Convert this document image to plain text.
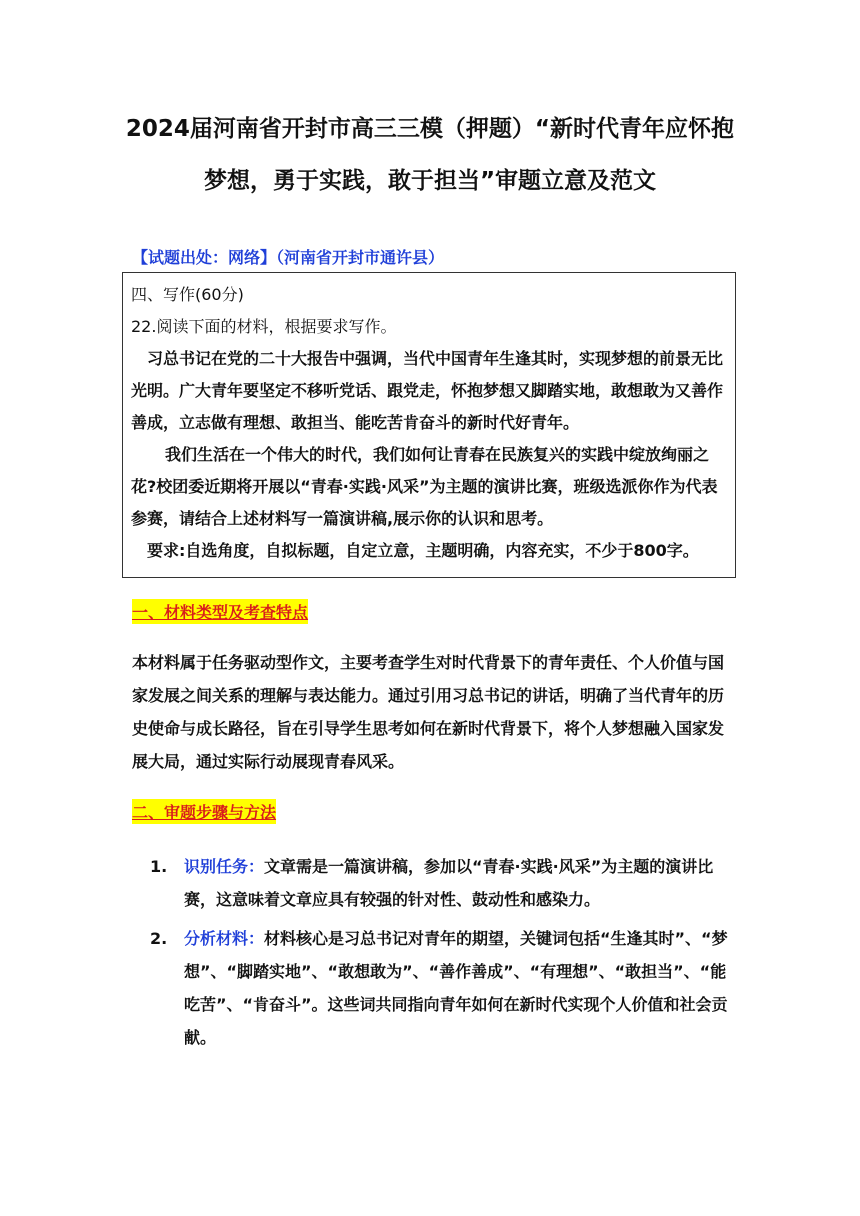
2024届河南省开封市高三三模（押题）“新时代青年应怀抱
梦想，勇于实践，敢于担当”审题立意及范文

【试题出处：网络】（河南省开封市通许县）

四、写作(60分)
22.阅读下面的材料，根据要求写作。
习总书记在党的二十大报告中强调，当代中国青年生逢其时，实现梦想的前景无比光明。广大青年要坚定不移听党话、跟党走，怀抱梦想又脚踏实地，敢想敢为又善作善成，立志做有理想、敢担当、能吃苦肯奋斗的新时代好青年。
我们生活在一个伟大的时代，我们如何让青春在民族复兴的实践中绽放绚丽之花?校团委近期将开展以“青春·实践·风采”为主题的演讲比赛，班级选派你作为代表参赛，请结合上述材料写一篇演讲稿,展示你的认识和思考。
要求:自选角度，自拟标题，自定立意，主题明确，内容充实，不少于800字。
一、材料类型及考查特点

本材料属于任务驱动型作文，主要考查学生对时代背景下的青年责任、个人价值与国家发展之间关系的理解与表达能力。通过引用习总书记的讲话，明确了当代青年的历史使命与成长路径，旨在引导学生思考如何在新时代背景下，将个人梦想融入国家发展大局，通过实际行动展现青春风采。

二、审题步骤与方法
1. 识别任务：文章需是一篇演讲稿，参加以“青春·实践·风采”为主题的演讲比赛，这意味着文章应具有较强的针对性、鼓动性和感染力。
2. 分析材料：材料核心是习总书记对青年的期望，关键词包括“生逢其时”、“梦想”、“脚踏实地”、“敢想敢为”、“善作善成”、“有理想”、“敢担当”、“能吃苦”、“肯奋斗”。这些词共同指向青年如何在新时代实现个人价值和社会贡献。
